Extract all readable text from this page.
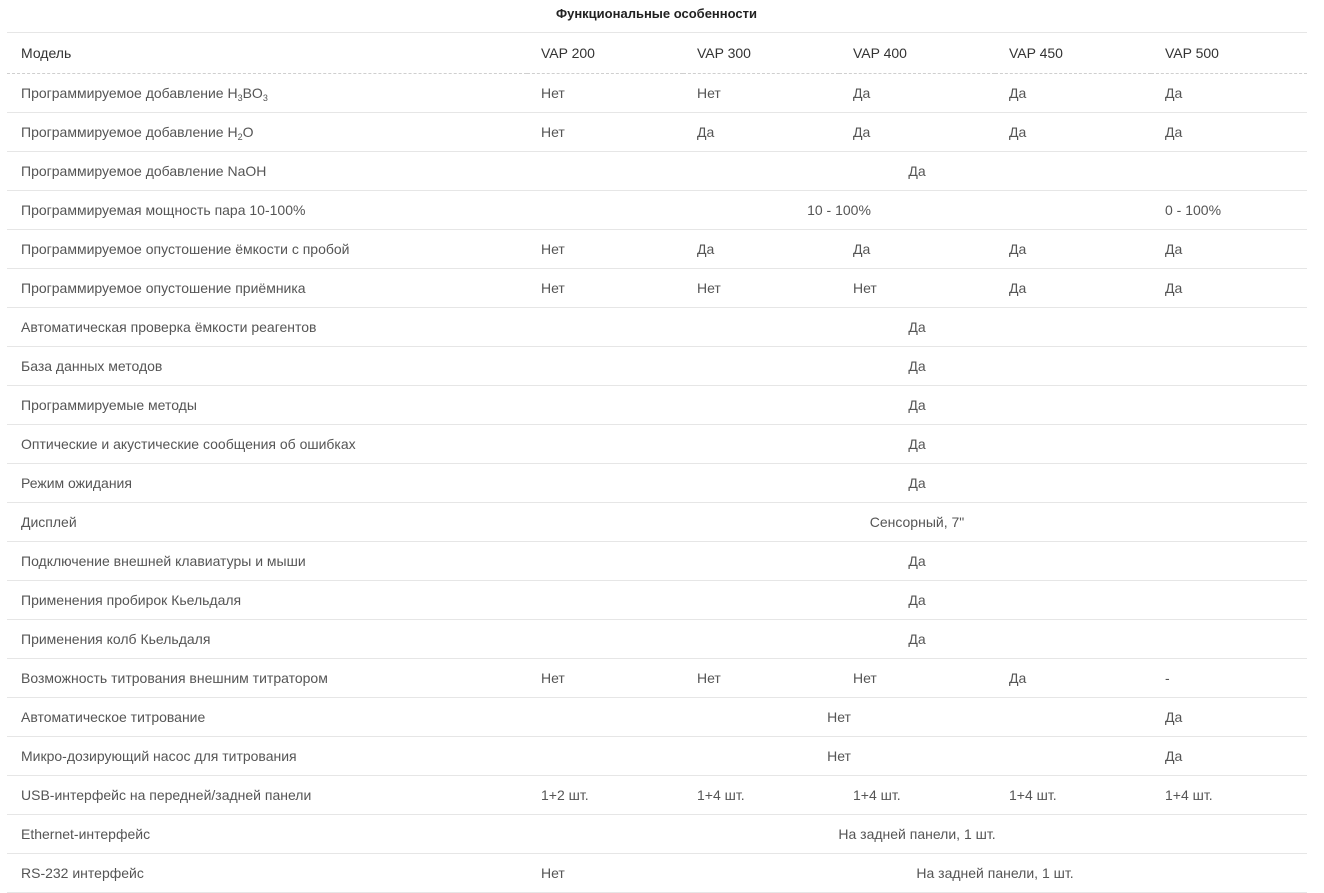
Функциональные особенности
Модель	VAP 200	VAP 300	VAP 400	VAP 450	VAP 500
Программируемое добавление $H_3BO_3$	Нет	Нет	Да	Да	Да
Программируемое добавление $H_2O$	Нет	Да	Да	Да	Да
Программируемое добавление NaOH	Да				
Программируемая мощность пара 10-100%	10 - 100%				0 - 100%
Программируемое опустошение ёмкости с пробой	Нет	Да	Да	Да	Да
Программируемое опустошение приёмника	Нет	Нет	Нет	Да	Да
Автоматическая проверка ёмкости реагентов	Да				
База данных методов	Да				
Программируемые методы	Да				
Оптические и акустические сообщения об ошибках	Да				
Режим ожидания	Да				
Дисплей	Сенсорный, 7"				
Подключение внешней клавиатуры и мыши	Да				
Применения пробирок Кьельдаля	Да				
Применения колб Кьельдаля	Да				
Возможность титрования внешним титратором	Нет	Нет	Нет	Да	-
Автоматическое титрование	Нет				Да
Микро-дозирующий насос для титрования	Нет				Да
USB-интерфейс на передней/задней панели	1+2 шт.	1+4 шт.	1+4 шт.	1+4 шт.	1+4 шт.
Ethernet-интерфейс	На задней панели, 1 шт.				
RS-232 интерфейс	Нет	На задней панели, 1 шт.			
